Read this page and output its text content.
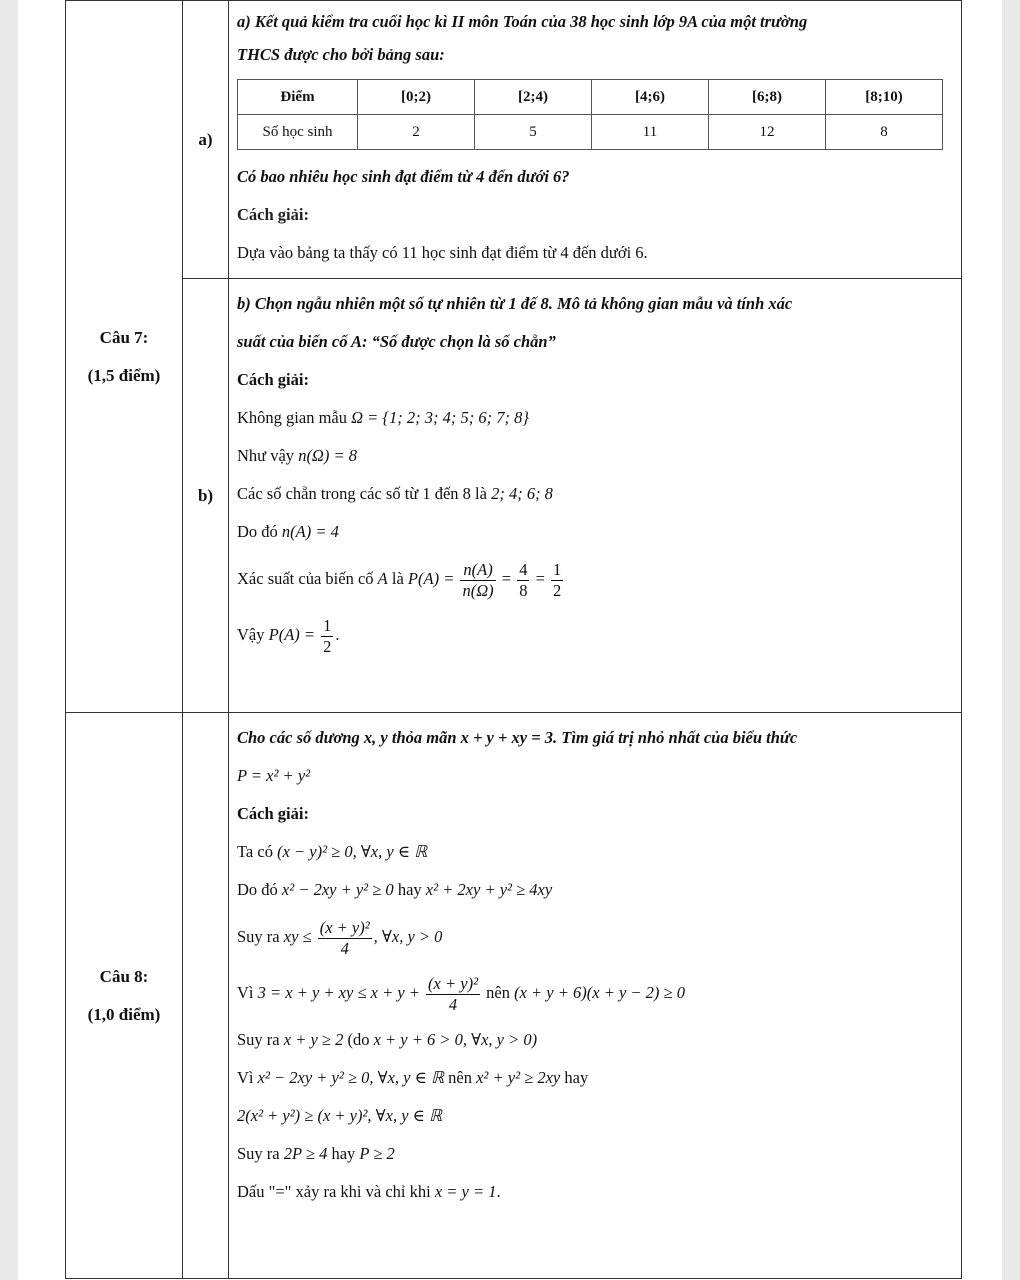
Câu 7:
(1,5 điểm)
	a)	
a) Kết quả kiểm tra cuối học kì II môn Toán của 38 học sinh lớp 9A của một trường
THCS được cho bởi bảng sau:
Điểm	[0;2)	[2;4)	[4;6)	[6;8)	[8;10)
Số học sinh	2	5	11	12	8
Có bao nhiêu học sinh đạt điểm từ 4 đến dưới 6?
Cách giải:
Dựa vào bảng ta thấy có 11 học sinh đạt điểm từ 4 đến dưới 6.

b)	
b) Chọn ngẫu nhiên một số tự nhiên từ 1 đế 8. Mô tả không gian mẫu và tính xác
suất của biến cố A: “Số được chọn là số chẵn”
Cách giải:
Không gian mẫu Ω = {1; 2; 3; 4; 5; 6; 7; 8}
Như vậy n(Ω) = 8
Các số chẵn trong các số từ 1 đến 8 là 2; 4; 6; 8
Do đó n(A) = 4
Xác suất của biến cố A là $P(A) = \frac{n(A)}{n(\Omega)} = \frac{4}{8} = \frac{1}{2}$
Vậy $P(A) = \frac{1}{2}$ .

Câu 8:
(1,0 điểm)

Cho các số dương x, y thỏa mãn x + y + xy = 3. Tìm giá trị nhỏ nhất của biểu thức
P = x² + y²
Cách giải:
Ta có (x − y)² ≥ 0, ∀x, y ∈ ℝ
Do đó x² − 2xy + y² ≥ 0 hay x² + 2xy + y² ≥ 4xy
Suy ra xy ≤ $\frac{\text{(x + y)²}}{4}$ , ∀x, y > 0
Vì 3 = x + y + xy ≤ $x + y + \frac{\text{(x + y)²}}{4}$ nên (x + y + 6)(x + y − 2) ≥ 0
Suy ra x + y ≥ 2 (do x + y + 6 > 0, ∀x, y > 0)
Vì x² − 2xy + y² ≥ 0, ∀x, y ∈ ℝ nên x² + y² ≥ 2xy hay
2(x² + y²) ≥ (x + y)², ∀x, y ∈ ℝ
Suy ra 2P ≥ 4 hay P ≥ 2
Dấu "=" xảy ra khi và chỉ khi x = y = 1.
